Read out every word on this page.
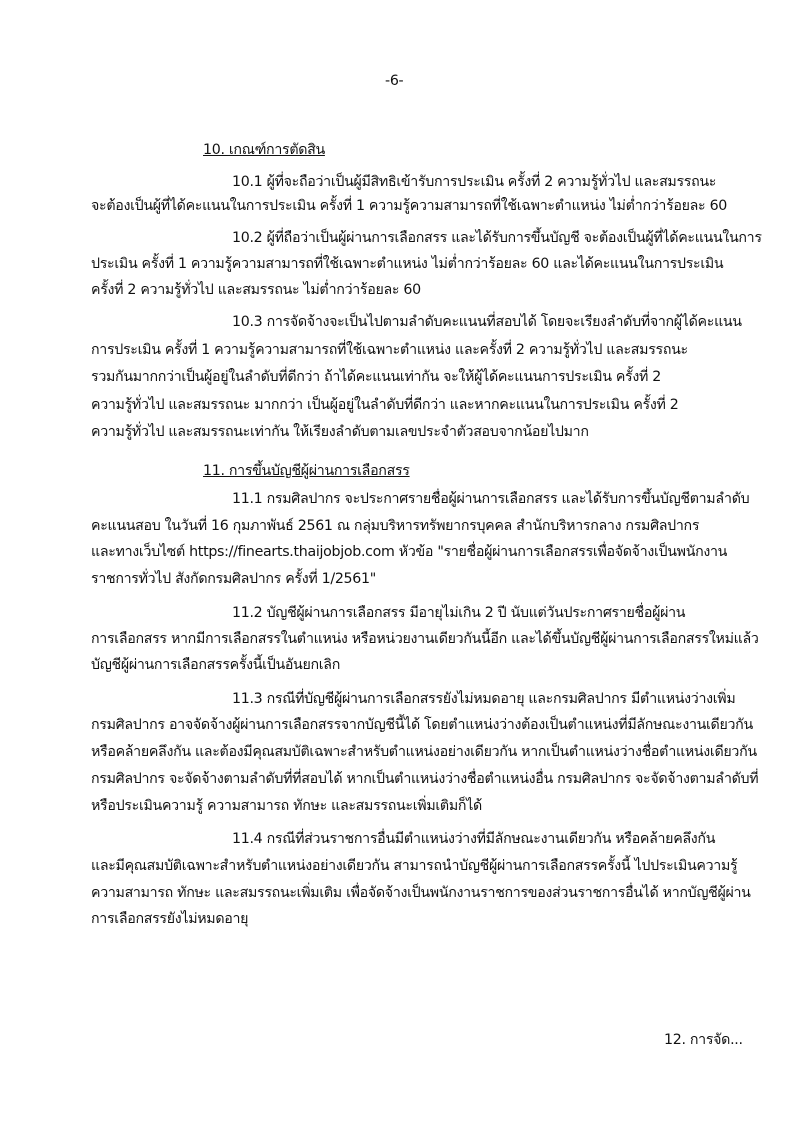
-6-
10. เกณฑ์การตัดสิน
10.1 ผู้ที่จะถือว่าเป็นผู้มีสิทธิเข้ารับการประเมิน ครั้งที่ 2 ความรู้ทั่วไป และสมรรถนะ
จะต้องเป็นผู้ที่ได้คะแนนในการประเมิน ครั้งที่ 1 ความรู้ความสามารถที่ใช้เฉพาะตำแหน่ง ไม่ต่ำกว่าร้อยละ 60
10.2 ผู้ที่ถือว่าเป็นผู้ผ่านการเลือกสรร และได้รับการขึ้นบัญชี จะต้องเป็นผู้ที่ได้คะแนนในการ
ประเมิน ครั้งที่ 1 ความรู้ความสามารถที่ใช้เฉพาะตำแหน่ง ไม่ต่ำกว่าร้อยละ 60 และได้คะแนนในการประเมิน
ครั้งที่ 2 ความรู้ทั่วไป และสมรรถนะ ไม่ต่ำกว่าร้อยละ 60
10.3 การจัดจ้างจะเป็นไปตามลำดับคะแนนที่สอบได้ โดยจะเรียงลำดับที่จากผู้ได้คะแนน
การประเมิน ครั้งที่ 1 ความรู้ความสามารถที่ใช้เฉพาะตำแหน่ง และครั้งที่ 2 ความรู้ทั่วไป และสมรรถนะ
รวมกันมากกว่าเป็นผู้อยู่ในลำดับที่ดีกว่า ถ้าได้คะแนนเท่ากัน จะให้ผู้ได้คะแนนการประเมิน ครั้งที่ 2
ความรู้ทั่วไป และสมรรถนะ มากกว่า เป็นผู้อยู่ในลำดับที่ดีกว่า และหากคะแนนในการประเมิน ครั้งที่ 2
ความรู้ทั่วไป และสมรรถนะเท่ากัน ให้เรียงลำดับตามเลขประจำตัวสอบจากน้อยไปมาก
11. การขึ้นบัญชีผู้ผ่านการเลือกสรร
11.1 กรมศิลปากร จะประกาศรายชื่อผู้ผ่านการเลือกสรร และได้รับการขึ้นบัญชีตามลำดับ
คะแนนสอบ ในวันที่ 16 กุมภาพันธ์ 2561 ณ กลุ่มบริหารทรัพยากรบุคคล สำนักบริหารกลาง กรมศิลปากร
และทางเว็บไซต์ https://finearts.thaijobjob.com หัวข้อ "รายชื่อผู้ผ่านการเลือกสรรเพื่อจัดจ้างเป็นพนักงาน
ราชการทั่วไป สังกัดกรมศิลปากร ครั้งที่ 1/2561"
11.2 บัญชีผู้ผ่านการเลือกสรร มีอายุไม่เกิน 2 ปี นับแต่วันประกาศรายชื่อผู้ผ่าน
การเลือกสรร หากมีการเลือกสรรในตำแหน่ง หรือหน่วยงานเดียวกันนี้อีก และได้ขึ้นบัญชีผู้ผ่านการเลือกสรรใหม่แล้ว
บัญชีผู้ผ่านการเลือกสรรครั้งนี้เป็นอันยกเลิก
11.3 กรณีที่บัญชีผู้ผ่านการเลือกสรรยังไม่หมดอายุ และกรมศิลปากร มีตำแหน่งว่างเพิ่ม
กรมศิลปากร อาจจัดจ้างผู้ผ่านการเลือกสรรจากบัญชีนี้ได้ โดยตำแหน่งว่างต้องเป็นตำแหน่งที่มีลักษณะงานเดียวกัน
หรือคล้ายคลึงกัน และต้องมีคุณสมบัติเฉพาะสำหรับตำแหน่งอย่างเดียวกัน หากเป็นตำแหน่งว่างชื่อตำแหน่งเดียวกัน
กรมศิลปากร จะจัดจ้างตามลำดับที่ที่สอบได้ หากเป็นตำแหน่งว่างชื่อตำแหน่งอื่น กรมศิลปากร จะจัดจ้างตามลำดับที่
หรือประเมินความรู้ ความสามารถ ทักษะ และสมรรถนะเพิ่มเติมก็ได้
11.4 กรณีที่ส่วนราชการอื่นมีตำแหน่งว่างที่มีลักษณะงานเดียวกัน หรือคล้ายคลึงกัน
และมีคุณสมบัติเฉพาะสำหรับตำแหน่งอย่างเดียวกัน สามารถนำบัญชีผู้ผ่านการเลือกสรรครั้งนี้ ไปประเมินความรู้
ความสามารถ ทักษะ และสมรรถนะเพิ่มเติม เพื่อจัดจ้างเป็นพนักงานราชการของส่วนราชการอื่นได้ หากบัญชีผู้ผ่าน
การเลือกสรรยังไม่หมดอายุ
12. การจัด...
